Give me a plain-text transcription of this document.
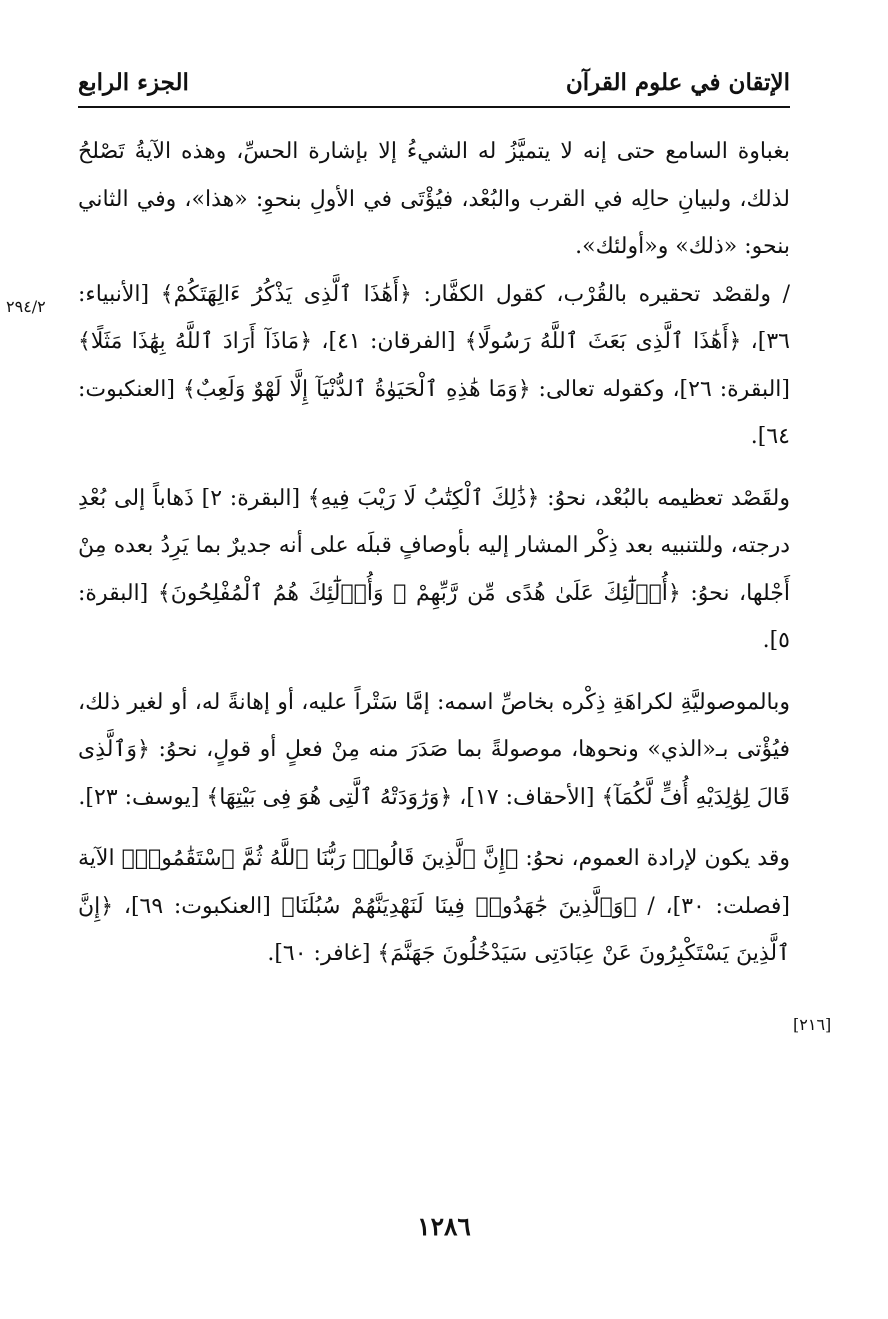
الإتقان في علوم القرآن
الجزء الرابع
٢٩٤/٢
[٢١٦]

بغباوة السامع حتى إنه لا يتميَّزُ له الشيءُ إلا بإشارة الحسِّ، وهذه الآيةُ تَصْلحُ لذلك، ولبيانِ حالِه في القرب والبُعْد، فيُؤْتَى في الأولِ بنحوِ: «هذا»، وفي الثاني بنحو: «ذلك» و«أولئك».

/ ولقصْد تحقيره بالقُرْب، كقول الكفَّار: ﴿أَهَٰذَا ٱلَّذِى يَذْكُرُ ءَالِهَتَكُمْ﴾ [الأنبياء: ٣٦]، ﴿أَهَٰذَا ٱلَّذِى بَعَثَ ٱللَّهُ رَسُولًا﴾ [الفرقان: ٤١]، ﴿مَاذَآ أَرَادَ ٱللَّهُ بِهَٰذَا مَثَلًا﴾ [البقرة: ٢٦]، وكقوله تعالى: ﴿وَمَا هَٰذِهِ ٱلْحَيَوٰةُ ٱلدُّنْيَآ إِلَّا لَهْوٌ وَلَعِبٌ﴾ [العنكبوت: ٦٤].

ولقَصْد تعظيمه بالبُعْد، نحوُ: ﴿ذَٰلِكَ ٱلْكِتَٰبُ لَا رَيْبَ فِيهِ﴾ [البقرة: ٢] ذَهاباً إلى بُعْدِ درجته، وللتنبيه بعد ذِكْر المشار إليه بأوصافٍ قبلَه على أنه جديرٌ بما يَرِدُ بعده مِنْ أَجْلها، نحوُ: ﴿أُو۟لَٰٓئِكَ عَلَىٰ هُدًى مِّن رَّبِّهِمْ ۖ وَأُو۟لَٰٓئِكَ هُمُ ٱلْمُفْلِحُونَ﴾ [البقرة: ٥].

وبالموصوليَّةِ لكراهَةِ ذِكْره بخاصِّ اسمه: إمَّا سَتْراً عليه، أو إهانةً له، أو لغير ذلك، فيُؤْتى بـ«الذي» ونحوها، موصولةً بما صَدَرَ منه مِنْ فعلٍ أو قولٍ، نحوُ: ﴿وَٱلَّذِى قَالَ لِوَٰلِدَيْهِ أُفٍّ لَّكُمَآ﴾ [الأحقاف: ١٧]، ﴿وَرَٰوَدَتْهُ ٱلَّتِى هُوَ فِى بَيْتِهَا﴾ [يوسف: ٢٣].

وقد يكون لإرادة العموم، نحوُ: ﴿إِنَّ ٱلَّذِينَ قَالُوا۟ رَبُّنَا ٱللَّهُ ثُمَّ ٱسْتَقَٰمُوا۟﴾ الآية [فصلت: ٣٠]، / ﴿وَٱلَّذِينَ جَٰهَدُوا۟ فِينَا لَنَهْدِيَنَّهُمْ سُبُلَنَا﴾ [العنكبوت: ٦٩]، ﴿إِنَّ ٱلَّذِينَ يَسْتَكْبِرُونَ عَنْ عِبَادَتِى سَيَدْخُلُونَ جَهَنَّمَ﴾ [غافر: ٦٠].

١٢٨٦
